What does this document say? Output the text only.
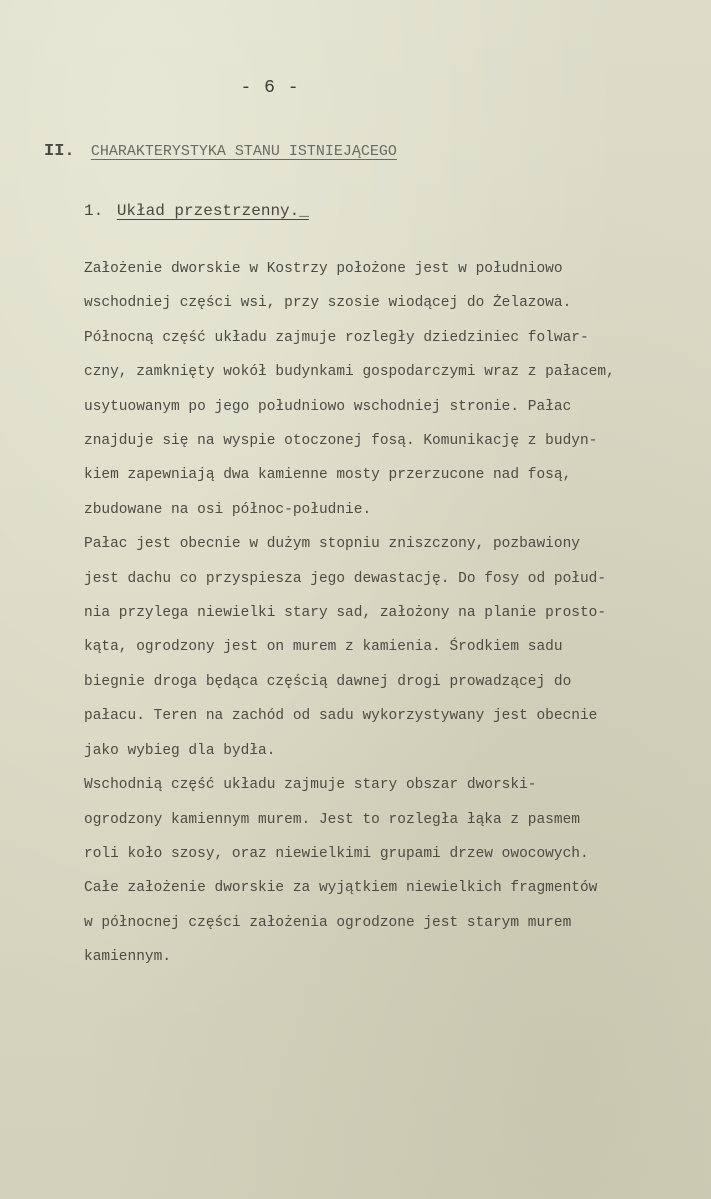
- 6 -
II. CHARAKTERYSTYKA STANU ISTNIEJĄCEGO
1. Układ przestrzenny._
Założenie dworskie w Kostrzy położone jest w południowo
wschodniej części wsi, przy szosie wiodącej do Żelazowa.
Północną część układu zajmuje rozległy dziedziniec folwar-
czny, zamknięty wokół budynkami gospodarczymi wraz z pałacem,
usytuowanym po jego południowo wschodniej stronie. Pałac
znajduje się na wyspie otoczonej fosą. Komunikację z budyn-
kiem zapewniają dwa kamienne mosty przerzucone nad fosą,
zbudowane na osi północ-południe.
Pałac jest obecnie w dużym stopniu zniszczony, pozbawiony
jest dachu co przyspiesza jego dewastację. Do fosy od połud-
nia przylega niewielki stary sad, założony na planie prosto-
kąta, ogrodzony jest on murem z kamienia. Środkiem sadu
biegnie droga będąca częścią dawnej drogi prowadzącej do
pałacu. Teren na zachód od sadu wykorzystywany jest obecnie
jako wybieg dla bydła.
Wschodnią część układu zajmuje stary obszar dworski-
ogrodzony kamiennym murem. Jest to rozległa łąka z pasmem
roli koło szosy, oraz niewielkimi grupami drzew owocowych.
Całe założenie dworskie za wyjątkiem niewielkich fragmentów
w północnej części założenia ogrodzone jest starym murem
kamiennym.
